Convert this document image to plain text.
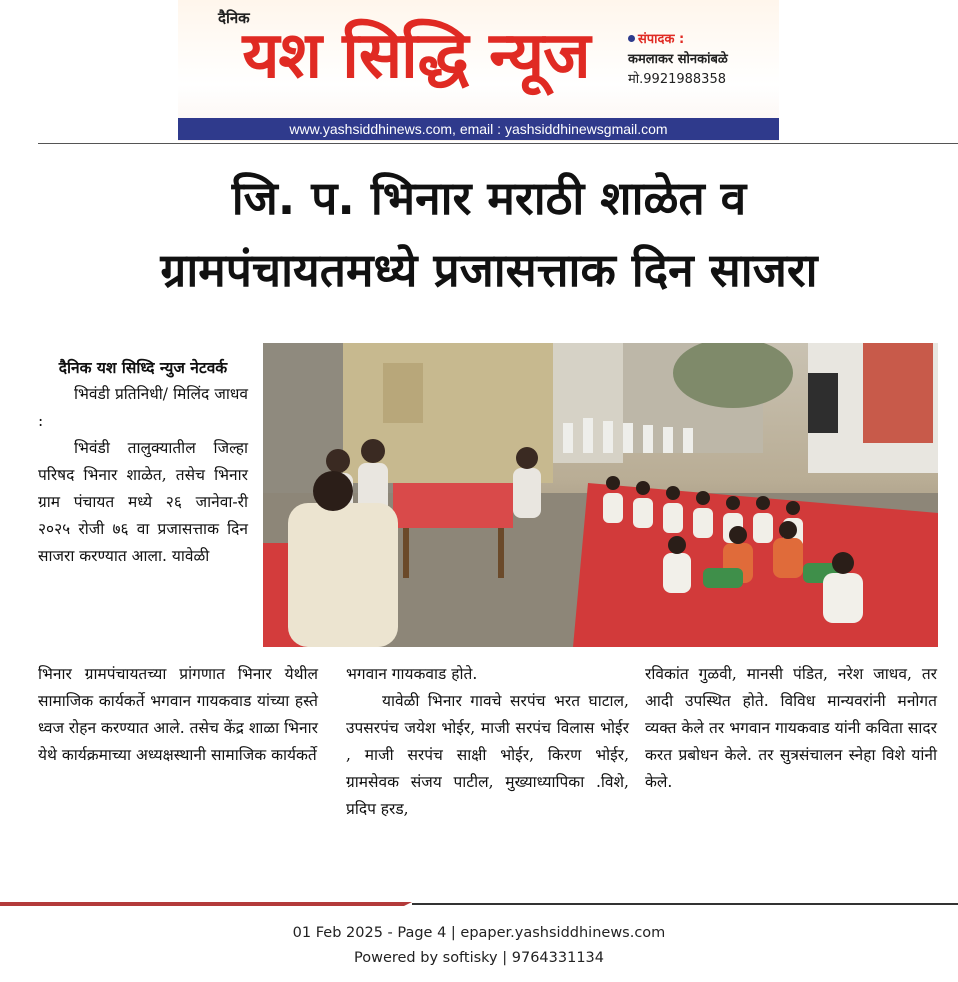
दैनिक
यश सिद्धि न्यूज	संपादक :
कमलाकर सोनकांबळे
मो.9921988358
www.yashsiddhinews.com, email : yashsiddhinewsgmail.com
जि. प. भिनार मराठी शाळेत व
ग्रामपंचायतमध्ये प्रजासत्ताक दिन साजरा

दैनिक यश सिध्दि न्युज नेटवर्क

भिवंडी प्रतिनिधी/ मिलिंद जाधव :

भिवंडी तालुक्यातील जिल्हा परिषद भिनार शाळेत, तसेच भिनार ग्राम पंचायत मध्ये २६ जानेवा-री २०२५ रोजी ७६ वा प्रजासत्ताक दिन साजरा करण्यात आला. यावेळी

भिनार ग्रामपंचायतच्या प्रांगणात भिनार येथील सामाजिक कार्यकर्ते भगवान गायकवाड यांच्या हस्ते ध्वज रोहन करण्यात आले. तसेच केंद्र शाळा भिनार येथे कार्यक्रमाच्या अध्यक्षस्थानी सामाजिक कार्यकर्ते

भगवान गायकवाड होते.

यावेळी भिनार गावचे सरपंच भरत घाटाल, उपसरपंच जयेश भोईर, माजी सरपंच विलास भोईर , माजी सरपंच साक्षी भोईर, किरण भोईर, ग्रामसेवक संजय पाटील, मुख्याध्यापिका .विशे, प्रदिप हरड,

रविकांत गुळवी, मानसी पंडित, नरेश जाधव, तर आदी उपस्थित होते. विविध मान्यवरांनी मनोगत व्यक्त केले तर भगवान गायकवाड यांनी कविता सादर करत प्रबोधन केले. तर सुत्रसंचालन स्नेहा विशे यांनी केले.

01 Feb 2025 - Page 4 | epaper.yashsiddhinews.com
Powered by softisky | 9764331134
